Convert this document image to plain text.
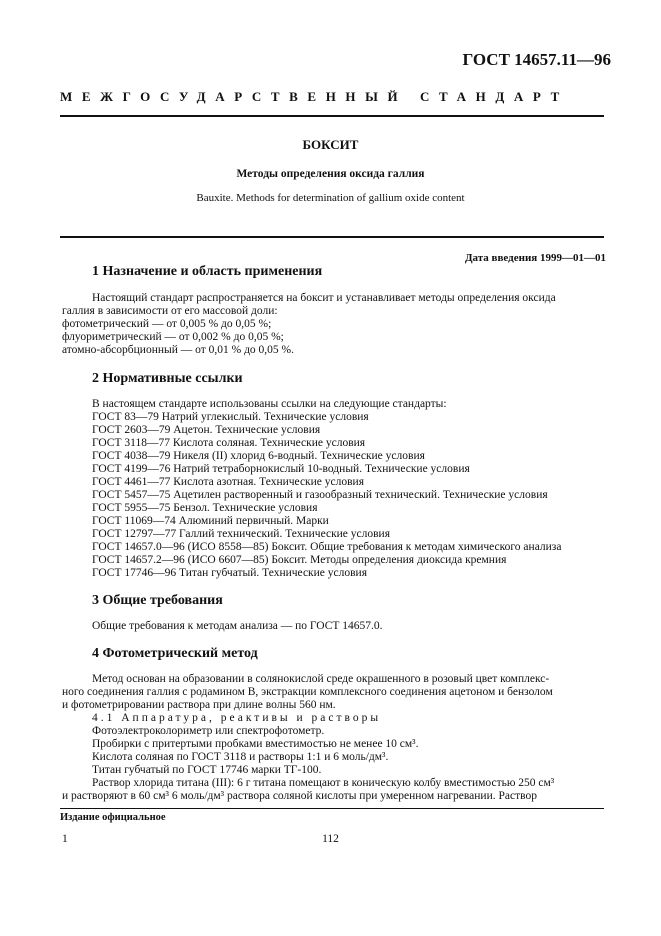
ГОСТ 14657.11—96
МЕЖГОСУДАРСТВЕННЫЙ СТАНДАРТ
БОКСИТ
Методы определения оксида галлия
Bauxite. Methods for determination of gallium oxide content
Дата введения 1999—01—01
1 Назначение и область применения
Настоящий стандарт распространяется на боксит и устанавливает методы определения оксида
галлия в зависимости от его массовой доли:
фотометрический — от 0,005 % до 0,05 %;
флуориметрический — от 0,002 % до 0,05 %;
атомно-абсорбционный — от 0,01 % до 0,05 %.
2 Нормативные ссылки
В настоящем стандарте использованы ссылки на следующие стандарты:
ГОСТ 83—79 Натрий углекислый. Технические условия
ГОСТ 2603—79 Ацетон. Технические условия
ГОСТ 3118—77 Кислота соляная. Технические условия
ГОСТ 4038—79 Никеля (II) хлорид 6-водный. Технические условия
ГОСТ 4199—76 Натрий тетраборнокислый 10-водный. Технические условия
ГОСТ 4461—77 Кислота азотная. Технические условия
ГОСТ 5457—75 Ацетилен растворенный и газообразный технический. Технические условия
ГОСТ 5955—75 Бензол. Технические условия
ГОСТ 11069—74 Алюминий первичный. Марки
ГОСТ 12797—77 Галлий технический. Технические условия
ГОСТ 14657.0—96 (ИСО 8558—85) Боксит. Общие требования к методам химического анализа
ГОСТ 14657.2—96 (ИСО 6607—85) Боксит. Методы определения диоксида кремния
ГОСТ 17746—96 Титан губчатый. Технические условия
3 Общие требования
Общие требования к методам анализа — по ГОСТ 14657.0.
4 Фотометрический метод
Метод основан на образовании в солянокислой среде окрашенного в розовый цвет комплекс-
ного соединения галлия с родамином В, экстракции комплексного соединения ацетоном и бензолом
и фотометрировании раствора при длине волны 560 нм.
4.1 Аппаратура, реактивы и растворы
Фотоэлектроколориметр или спектрофотометр.
Пробирки с притертыми пробками вместимостью не менее 10 см³.
Кислота соляная по ГОСТ 3118 и растворы 1:1 и 6 моль/дм³.
Титан губчатый по ГОСТ 17746 марки ТГ-100.
Раствор хлорида титана (III): 6 г титана помещают в коническую колбу вместимостью 250 см³
и растворяют в 60 см³ 6 моль/дм³ раствора соляной кислоты при умеренном нагревании. Раствор
Издание официальное
1	112
